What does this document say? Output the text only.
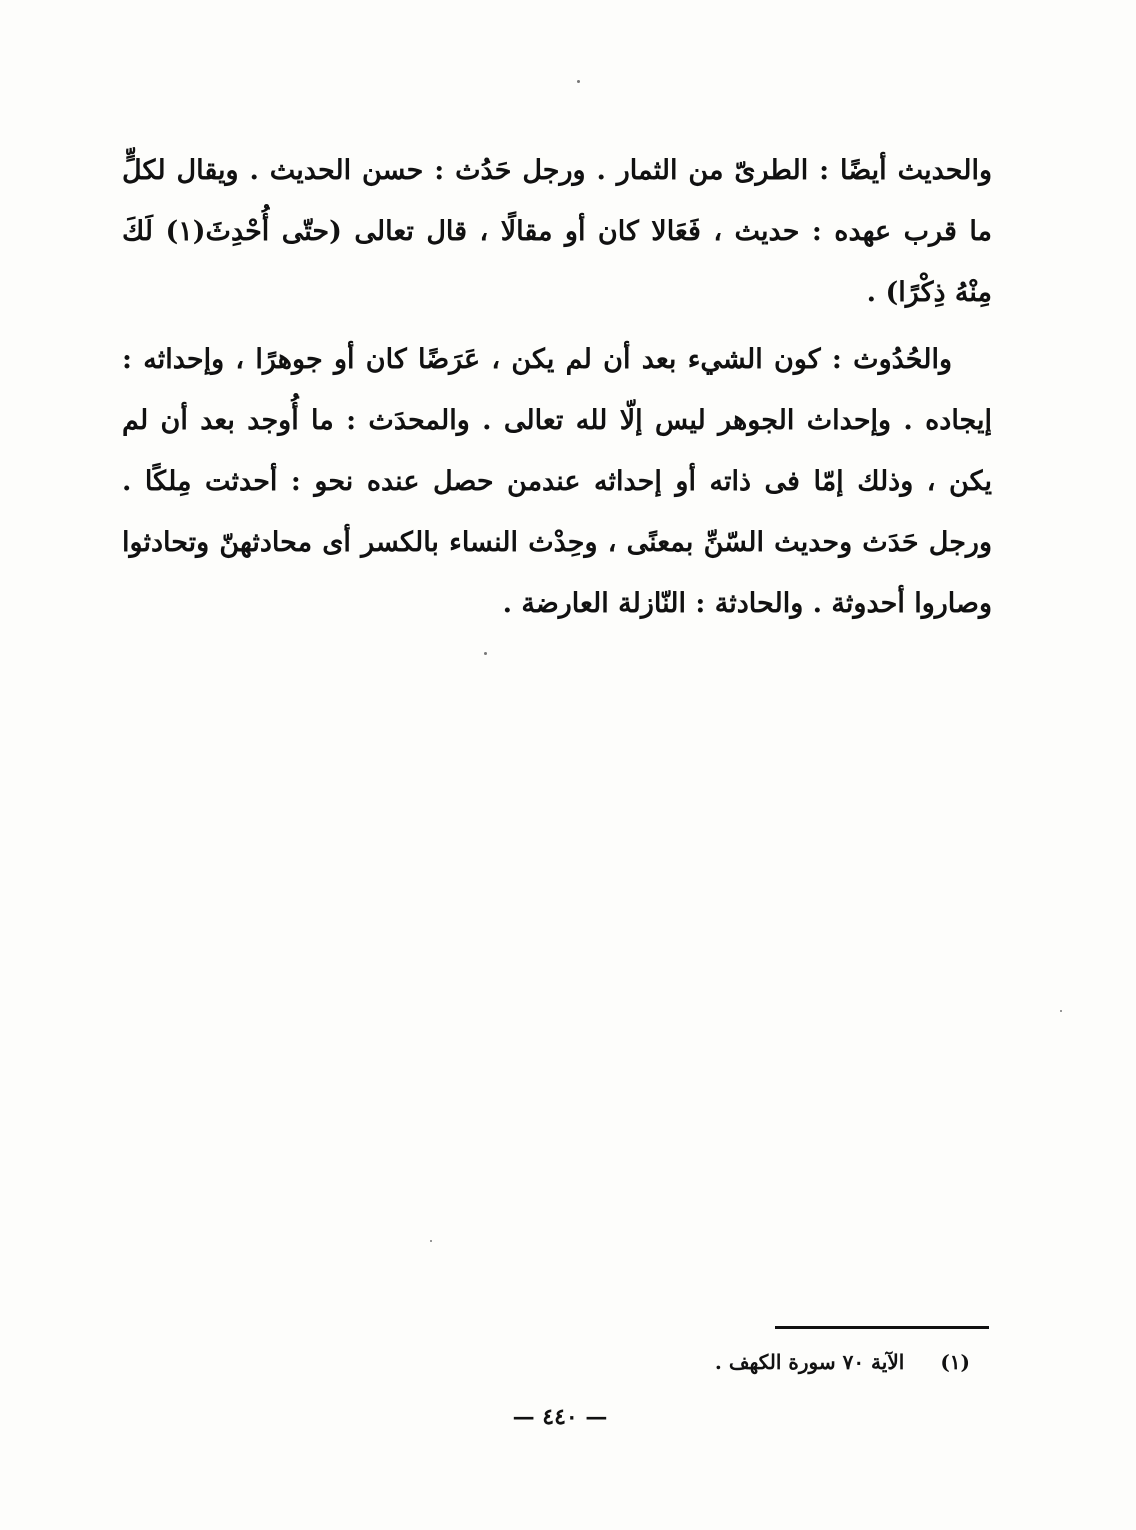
والحديث أيضًا : الطرىّ من الثمار . ورجل حَدُث : حسن الحديث . ويقال لكلٍّ ما قرب عهده : حديث ، فَعَالا كان أو مقالًا ، قال تعالى (حتّى أُحْدِثَ(١) لَكَ مِنْهُ ذِكْرًا) .

والحُدُوث : كون الشيء بعد أن لم يكن ، عَرَضًا كان أو جوهرًا ، وإحداثه : إيجاده . وإحداث الجوهر ليس إلّا لله تعالى . والمحدَث : ما أُوجد بعد أن لم يكن ، وذلك إمّا فى ذاته أو إحداثه عندمن حصل عنده نحو : أحدثت مِلكًا . ورجل حَدَث وحديث السّنِّ بمعنًى ، وحِدْث النساء بالكسر أى محادثهنّ وتحادثوا وصاروا أحدوثة . والحادثة : النّازلة العارضة .

(١)الآية ٧٠ سورة الكهف .
— ٤٤٠ —
